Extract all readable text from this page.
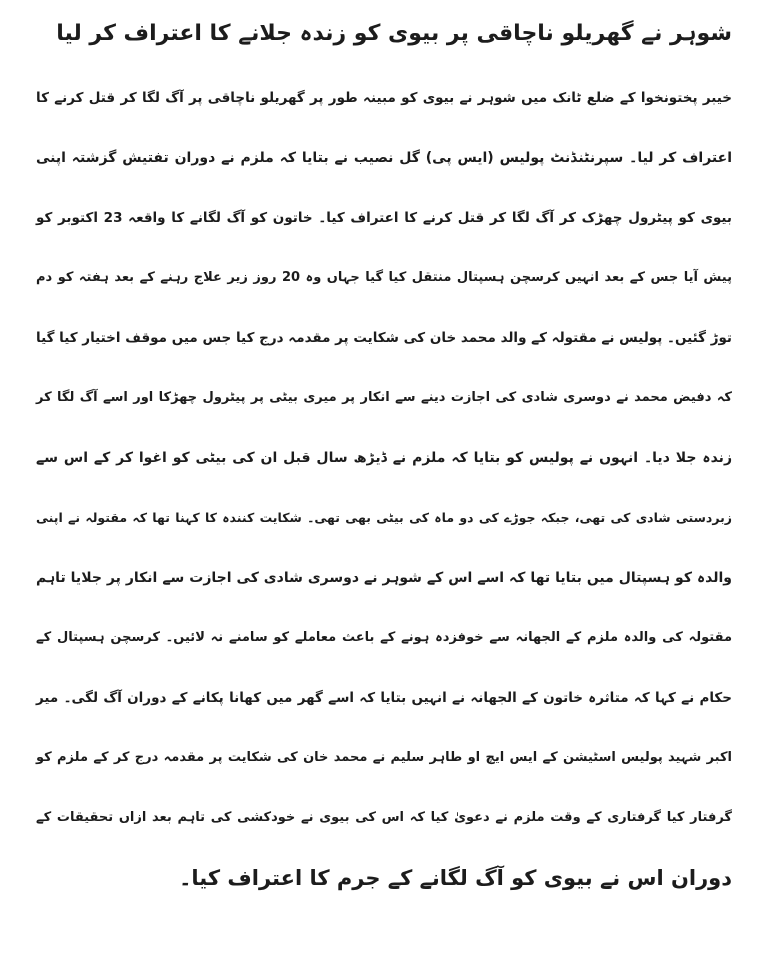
شوہر نے گھریلو ناچاقی پر بیوی کو زندہ جلانے کا اعتراف کر لیا
خیبر پختونخوا کے ضلع ٹانک میں شوہر نے بیوی کو مبینہ طور پر گھریلو ناچاقی پر آگ لگا کر قتل کرنے کا
اعتراف کر لیا۔ سپرنٹنڈنٹ پولیس (ایس پی) گل نصیب نے بتایا کہ ملزم نے دوران تفتیش گزشتہ اپنی
بیوی کو پیٹرول چھڑک کر آگ لگا کر قتل کرنے کا اعتراف کیا۔ خاتون کو آگ لگانے کا واقعہ 23 اکتوبر کو
پیش آیا جس کے بعد انہیں کرسچن ہسپتال منتقل کیا گیا جہاں وہ 20 روز زیر علاج رہنے کے بعد ہفتہ کو دم
توڑ گئیں۔ پولیس نے مقتولہ کے والد محمد خان کی شکایت پر مقدمہ درج کیا جس میں موقف اختیار کیا گیا
کہ دفیض محمد نے دوسری شادی کی اجازت دینے سے انکار پر میری بیٹی پر پیٹرول چھڑکا اور اسے آگ لگا کر
زندہ جلا دیا۔ انہوں نے پولیس کو بتایا کہ ملزم نے ڈیڑھ سال قبل ان کی بیٹی کو اغوا کر کے اس سے
زبردستی شادی کی تھی، جبکہ جوڑے کی دو ماہ کی بیٹی بھی تھی۔ شکایت کنندہ کا کہنا تھا کہ مقتولہ نے اپنی
والدہ کو ہسپتال میں بتایا تھا کہ اسے اس کے شوہر نے دوسری شادی کی اجازت سے انکار پر جلایا تاہم
مقتولہ کی والدہ ملزم کے الجھانہ سے خوفزدہ ہونے کے باعث معاملے کو سامنے نہ لائیں۔ کرسچن ہسپتال کے
حکام نے کہا کہ متاثرہ خاتون کے الجھانہ نے انہیں بتایا کہ اسے گھر میں کھانا پکانے کے دوران آگ لگی۔ میر
اکبر شہید پولیس اسٹیشن کے ایس ایچ او طاہر سلیم نے محمد خان کی شکایت پر مقدمہ درج کر کے ملزم کو
گرفتار کیا گرفتاری کے وقت ملزم نے دعویٰ کیا کہ اس کی بیوی نے خودکشی کی تاہم بعد ازاں تحقیقات کے
دوران اس نے بیوی کو آگ لگانے کے جرم کا اعتراف کیا۔
